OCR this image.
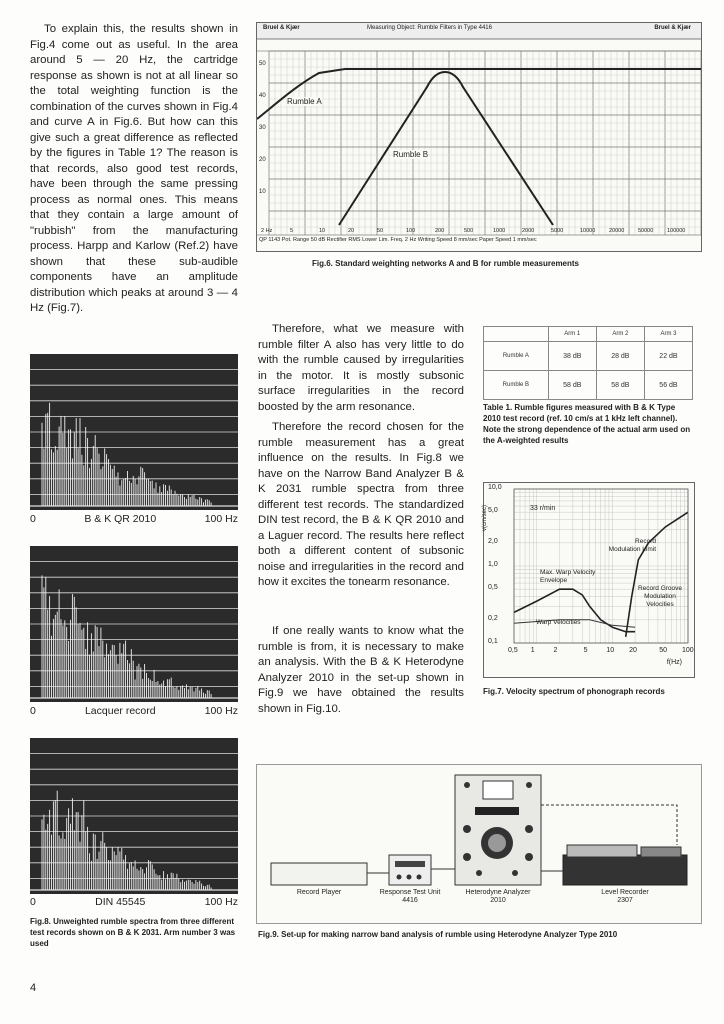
To explain this, the results shown in Fig.4 come out as useful. In the area around 5 — 20 Hz, the cartridge response as shown is not at all linear so the total weighting function is the combination of the curves shown in Fig.4 and curve A in Fig.6. But how can this give such a great difference as reflected by the figures in Table 1? The reason is that records, also good test records, have been through the same pressing process as normal ones. This means that they contain a large amount of "rubbish" from the manufacturing process. Harpp and Karlow (Ref.2) have shown that these sub-audible components have an amplitude distribution which peaks at around 3 — 4 Hz (Fig.7).

Bruel & Kjær	Measuring Object: Rumble Filters in Type 4416	Bruel & Kjær
Rumble A
Rumble B
50
40
30
20
10
2 Hz	5	10	20	50	100	200	500	1000	2000	5000	10000 20000 50000 100000
QP 1143 Pot. Range 50 dB Rectifier RMS Lower Lim. Freq. 2 Hz Writing Speed 8 mm/sec Paper Speed 1 mm/sec
Fig.6. Standard weighting networks A and B for rumble measurements

Therefore, what we measure with rumble filter A also has very little to do with the rumble caused by irregularities in the motor. It is mostly subsonic surface irregularities in the record boosted by the arm resonance.

Therefore the record chosen for the rumble measurement has a great influence on the results. In Fig.8 we have on the Narrow Band Analyzer B & K 2031 rumble spectra from three different test records. The standardized DIN test record, the B & K QR 2010 and a Laguer record. The results here reflect both a different content of subsonic noise and irregularities in the record and how it excites the tonearm resonance.

If one really wants to know what the rumble is from, it is necessary to make an analysis. With the B & K Heterodyne Analyzer 2010 in the set-up shown in Fig.9 we have obtained the results shown in Fig.10.

	Arm 1	Arm 2	Arm 3
Rumble A	38 dB	28 dB	22 dB
Rumble B	58 dB	58 dB	56 dB
Table 1. Rumble figures measured with B & K Type 2010 test record (ref. 10 cm/s at 1 kHz left channel). Note the strong dependence of the actual arm used on the A-weighted results
v(cm/sec)
10,0
5,0
2,0
1,0
0,5
0,2
0,1
0,5 1	2	5	10 20	50 100
f(Hz)
33 r/min
Record Modulation Limit
Max. Warp Velocity Envelope
Record Groove Modulation Velocities
Warp Velocities
Fig.7. Velocity spectrum of phonograph records
0	B & K QR 2010	100 Hz
0	Lacquer record	100 Hz
0	DIN 45545	100 Hz
Fig.8. Unweighted rumble spectra from three different test records shown on B & K 2031. Arm number 3 was used
Record Player	Response Test Unit
4416
Heterodyne Analyzer
2010
Level Recorder
2307
Fig.9. Set-up for making narrow band analysis of rumble using Heterodyne Analyzer Type 2010
4
